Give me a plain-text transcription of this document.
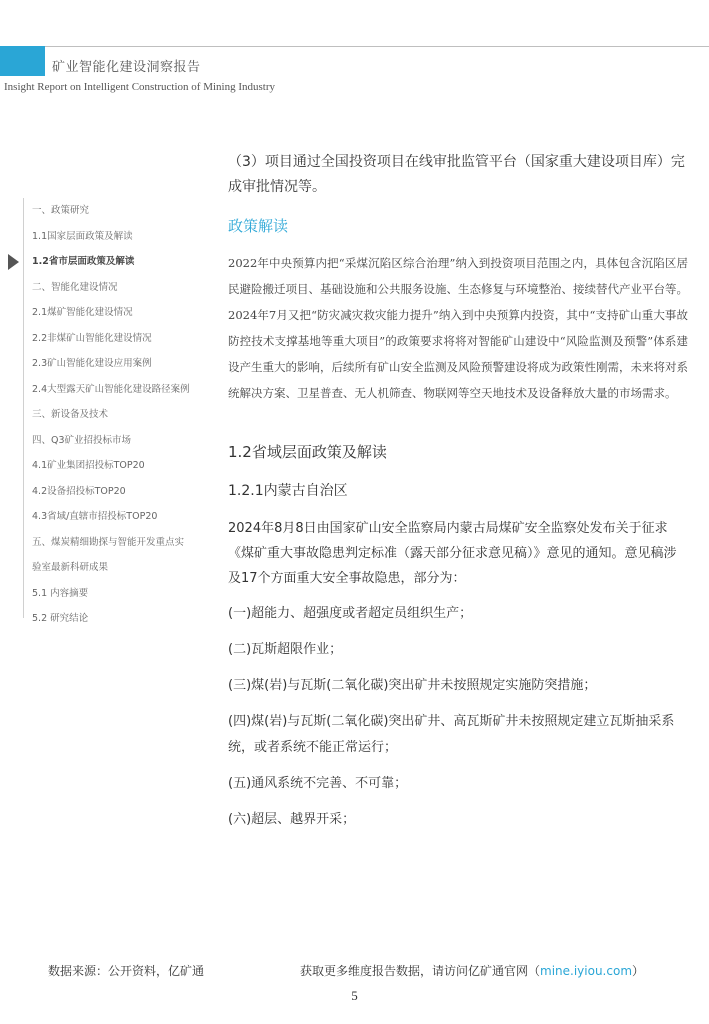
矿业智能化建设洞察报告
Insight Report on Intelligent Construction of Mining Industry
一、政策研究
1.1国家层面政策及解读
1.2省市层面政策及解读
二、智能化建设情况
2.1煤矿智能化建设情况
2.2非煤矿山智能化建设情况
2.3矿山智能化建设应用案例
2.4大型露天矿山智能化建设路径案例
三、新设备及技术
四、Q3矿业招投标市场
4.1矿业集团招投标TOP20
4.2设备招投标TOP20
4.3省域/直辖市招投标TOP20
五、煤炭精细勘探与智能开发重点实
验室最新科研成果
5.1 内容摘要
5.2 研究结论
（3）项目通过全国投资项目在线审批监管平台（国家重大建设项目库）完成审批情况等。
政策解读
2022年中央预算内把“采煤沉陷区综合治理”纳入到投资项目范围之内，具体包含沉陷区居民避险搬迁项目、基础设施和公共服务设施、生态修复与环境整治、接续替代产业平台等。2024年7月又把“防灾减灾救灾能力提升”纳入到中央预算内投资，其中“支持矿山重大事故防控技术支撑基地等重大项目”的政策要求将将对智能矿山建设中“风险监测及预警”体系建设产生重大的影响，后续所有矿山安全监测及风险预警建设将成为政策性刚需，未来将对系统解决方案、卫星普查、无人机筛查、物联网等空天地技术及设备释放大量的市场需求。
1.2省域层面政策及解读
1.2.1内蒙古自治区
2024年8月8日由国家矿山安全监察局内蒙古局煤矿安全监察处发布关于征求《煤矿重大事故隐患判定标准（露天部分征求意见稿）》意见的通知。意见稿涉及17个方面重大安全事故隐患，部分为：
(一)超能力、超强度或者超定员组织生产；
(二)瓦斯超限作业；
(三)煤(岩)与瓦斯(二氧化碳)突出矿井未按照规定实施防突措施；
(四)煤(岩)与瓦斯(二氧化碳)突出矿井、高瓦斯矿井未按照规定建立瓦斯抽采系统，或者系统不能正常运行；
(五)通风系统不完善、不可靠；
(六)超层、越界开采；
数据来源：公开资料，亿矿通	获取更多维度报告数据，请访问亿矿通官网（mine.iyiou.com）
5
